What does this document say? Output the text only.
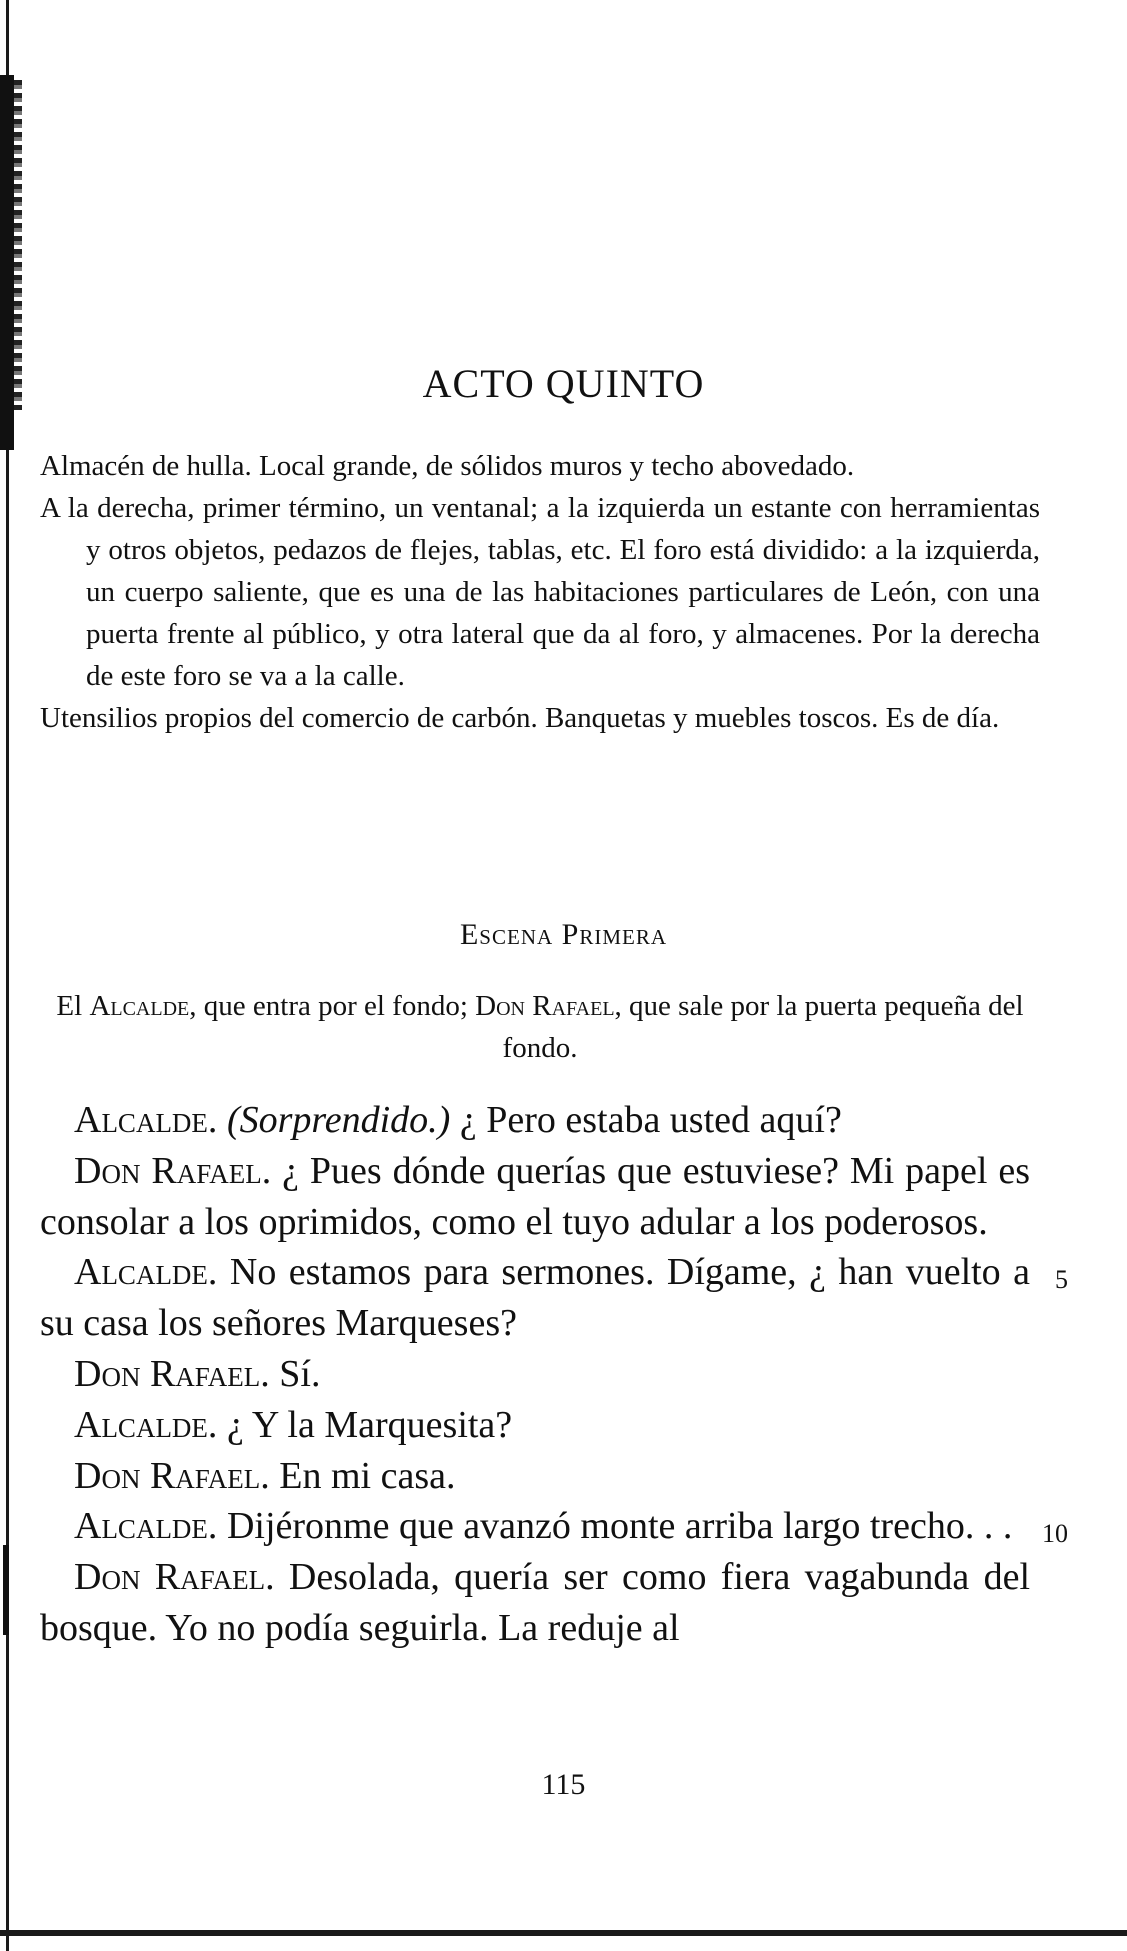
ACTO QUINTO

Almacén de hulla. Local grande, de sólidos muros y techo abovedado.

A la derecha, primer término, un ventanal; a la izquierda un estante con herramientas y otros objetos, pedazos de flejes, tablas, etc. El foro está dividido: a la izquierda, un cuerpo saliente, que es una de las habitaciones particulares de León, con una puerta frente al público, y otra lateral que da al foro, y almacenes. Por la derecha de este foro se va a la calle.

Utensilios propios del comercio de carbón. Banquetas y muebles toscos. Es de día.

Escena Primera
El Alcalde, que entra por el fondo; Don Rafael, que sale por la puerta pequeña del fondo.

Alcalde. (Sorprendido.) ¿ Pero estaba usted aquí?

Don Rafael. ¿ Pues dónde querías que estuviese? Mi papel es consolar a los oprimidos, como el tuyo adular a los poderosos.

Alcalde. No estamos para sermones. Dígame, ¿ han vuelto a su casa los señores Marqueses?
5

Don Rafael. Sí.

Alcalde. ¿ Y la Marquesita?

Don Rafael. En mi casa.

Alcalde. Dijéronme que avanzó monte arriba largo trecho. . . 10

Don Rafael. Desolada, quería ser como fiera vagabunda del bosque. Yo no podía seguirla. La reduje al

115
